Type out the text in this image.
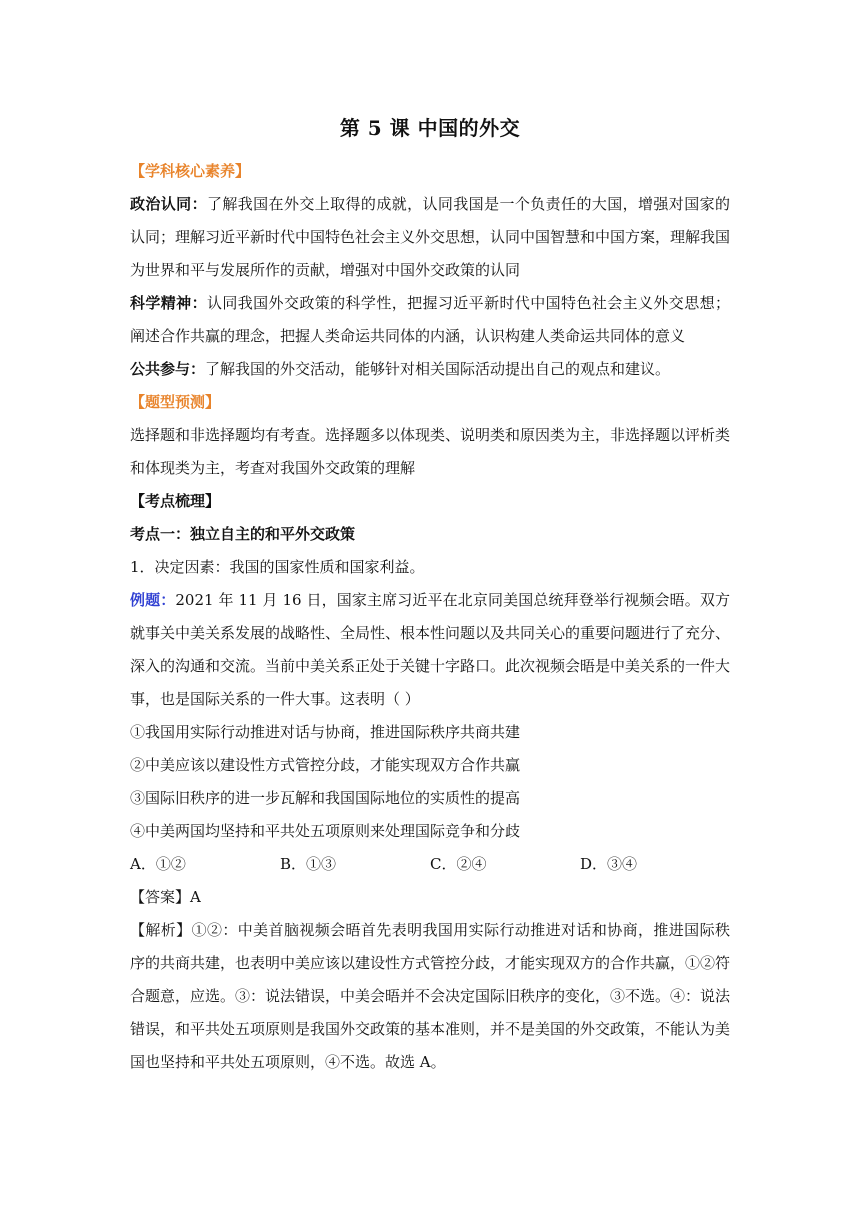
第 5 课 中国的外交

【学科核心素养】

政治认同：了解我国在外交上取得的成就，认同我国是一个负责任的大国，增强对国家的认同；理解习近平新时代中国特色社会主义外交思想，认同中国智慧和中国方案，理解我国为世界和平与发展所作的贡献，增强对中国外交政策的认同

科学精神：认同我国外交政策的科学性，把握习近平新时代中国特色社会主义外交思想；阐述合作共赢的理念，把握人类命运共同体的内涵，认识构建人类命运共同体的意义

公共参与：了解我国的外交活动，能够针对相关国际活动提出自己的观点和建议。

【题型预测】

选择题和非选择题均有考查。选择题多以体现类、说明类和原因类为主，非选择题以评析类和体现类为主，考查对我国外交政策的理解

【考点梳理】

考点一：独立自主的和平外交政策

1．决定因素：我国的国家性质和国家利益。

例题：2021 年 11 月 16 日，国家主席习近平在北京同美国总统拜登举行视频会晤。双方就事关中美关系发展的战略性、全局性、根本性问题以及共同关心的重要问题进行了充分、深入的沟通和交流。当前中美关系正处于关键十字路口。此次视频会晤是中美关系的一件大事，也是国际关系的一件大事。这表明（ ）

①我国用实际行动推进对话与协商，推进国际秩序共商共建

②中美应该以建设性方式管控分歧，才能实现双方合作共赢

③国际旧秩序的进一步瓦解和我国国际地位的实质性的提高

④中美两国均坚持和平共处五项原则来处理国际竞争和分歧

A．①②	B．①③	C．②④	D．③④

【答案】A

【解析】①②：中美首脑视频会晤首先表明我国用实际行动推进对话和协商，推进国际秩序的共商共建，也表明中美应该以建设性方式管控分歧，才能实现双方的合作共赢，①②符合题意，应选。③：说法错误，中美会晤并不会决定国际旧秩序的变化，③不选。④：说法错误，和平共处五项原则是我国外交政策的基本准则，并不是美国的外交政策，不能认为美国也坚持和平共处五项原则，④不选。故选 A。
